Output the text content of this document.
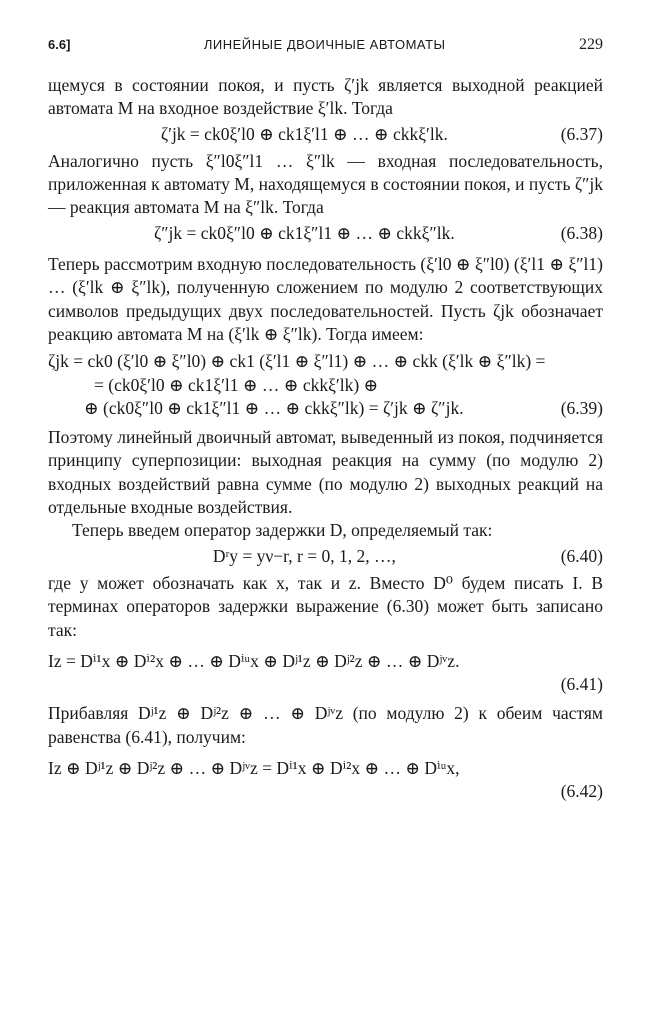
6.6]	ЛИНЕЙНЫЕ ДВОИЧНЫЕ АВТОМАТЫ	229

щемуся в состоянии покоя, и пусть ζ′jk является выходной реакцией автомата M на входное воздействие ξ′lk. Тогда

ζ′jk = ck0ξ′l0 ⊕ ck1ξ′l1 ⊕ … ⊕ ckkξ′lk.	(6.37)

Аналогично пусть ξ″l0ξ″l1 … ξ″lk — входная последовательность, приложенная к автомату M, находящемуся в состоянии покоя, и пусть ζ″jk — реакция автомата M на ξ″lk. Тогда

ζ″jk = ck0ξ″l0 ⊕ ck1ξ″l1 ⊕ … ⊕ ckkξ″lk.	(6.38)

Теперь рассмотрим входную последовательность (ξ′l0 ⊕ ξ″l0) (ξ′l1 ⊕ ξ″l1) … (ξ′lk ⊕ ξ″lk), полученную сложением по модулю 2 соответствующих символов предыдущих двух последовательностей. Пусть ζjk обозначает реакцию автомата M на (ξ′lk ⊕ ξ″lk). Тогда имеем:

ζjk = ck0 (ξ′l0 ⊕ ξ″l0) ⊕ ck1 (ξ′l1 ⊕ ξ″l1) ⊕ … ⊕ ckk (ξ′lk ⊕ ξ″lk) =
= (ck0ξ′l0 ⊕ ck1ξ′l1 ⊕ … ⊕ ckkξ′lk) ⊕
⊕ (ck0ξ″l0 ⊕ ck1ξ″l1 ⊕ … ⊕ ckkξ″lk) = ζ′jk ⊕ ζ″jk.	(6.39)

Поэтому линейный двоичный автомат, выведенный из покоя, подчиняется принципу суперпозиции: выходная реакция на сумму (по модулю 2) входных воздействий равна сумме (по модулю 2) выходных реакций на отдельные входные воздействия.

Теперь введем оператор задержки D, определяемый так:

Dʳy = yν−r, r = 0, 1, 2, …,	(6.40)

где y может обозначать как x, так и z. Вместо D⁰ будем писать I. В терминах операторов задержки выражение (6.30) может быть записано так:

Iz = Dⁱ¹x ⊕ Dⁱ²x ⊕ … ⊕ Dⁱᵘx ⊕ Dʲ¹z ⊕ Dʲ²z ⊕ … ⊕ Dʲᵛz.
(6.41)

Прибавляя Dʲ¹z ⊕ Dʲ²z ⊕ … ⊕ Dʲᵛz (по модулю 2) к обеим частям равенства (6.41), получим:

Iz ⊕ Dʲ¹z ⊕ Dʲ²z ⊕ … ⊕ Dʲᵛz = Dⁱ¹x ⊕ Dⁱ²x ⊕ … ⊕ Dⁱᵘx,
(6.42)
